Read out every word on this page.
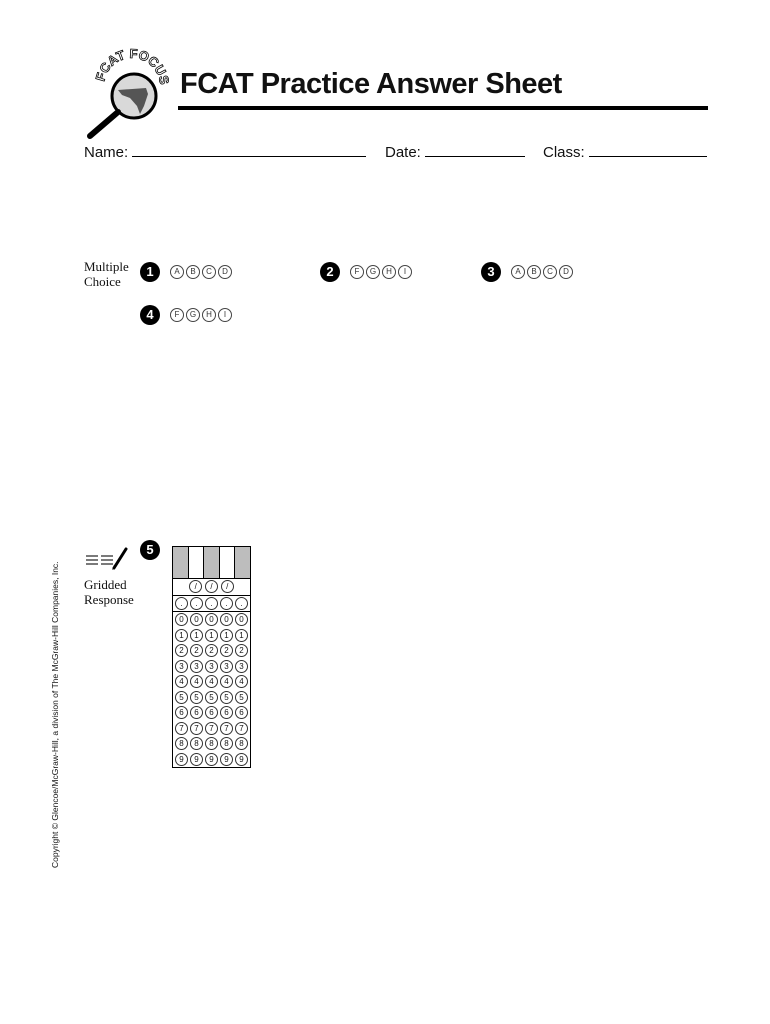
FCAT FOCUS FCAT Practice Answer Sheet
Name:	Date:	Class:
Multiple
Choice
1	A	B	C	D	2	F	G	H	I	3	A	B	C	D
4	F	G	H	I
Gridded
Response
5
/	/	/
.	.	.	.	.
0	0	0	0	0
1	1	1	1	1
2	2	2	2	2
3	3	3	3	3
4	4	4	4	4
5	5	5	5	5
6	6	6	6	6
7	7	7	7	7
8	8	8	8	8
9	9	9	9	9
Copyright © Glencoe/McGraw-Hill, a division of The McGraw-Hill Companies, Inc.
